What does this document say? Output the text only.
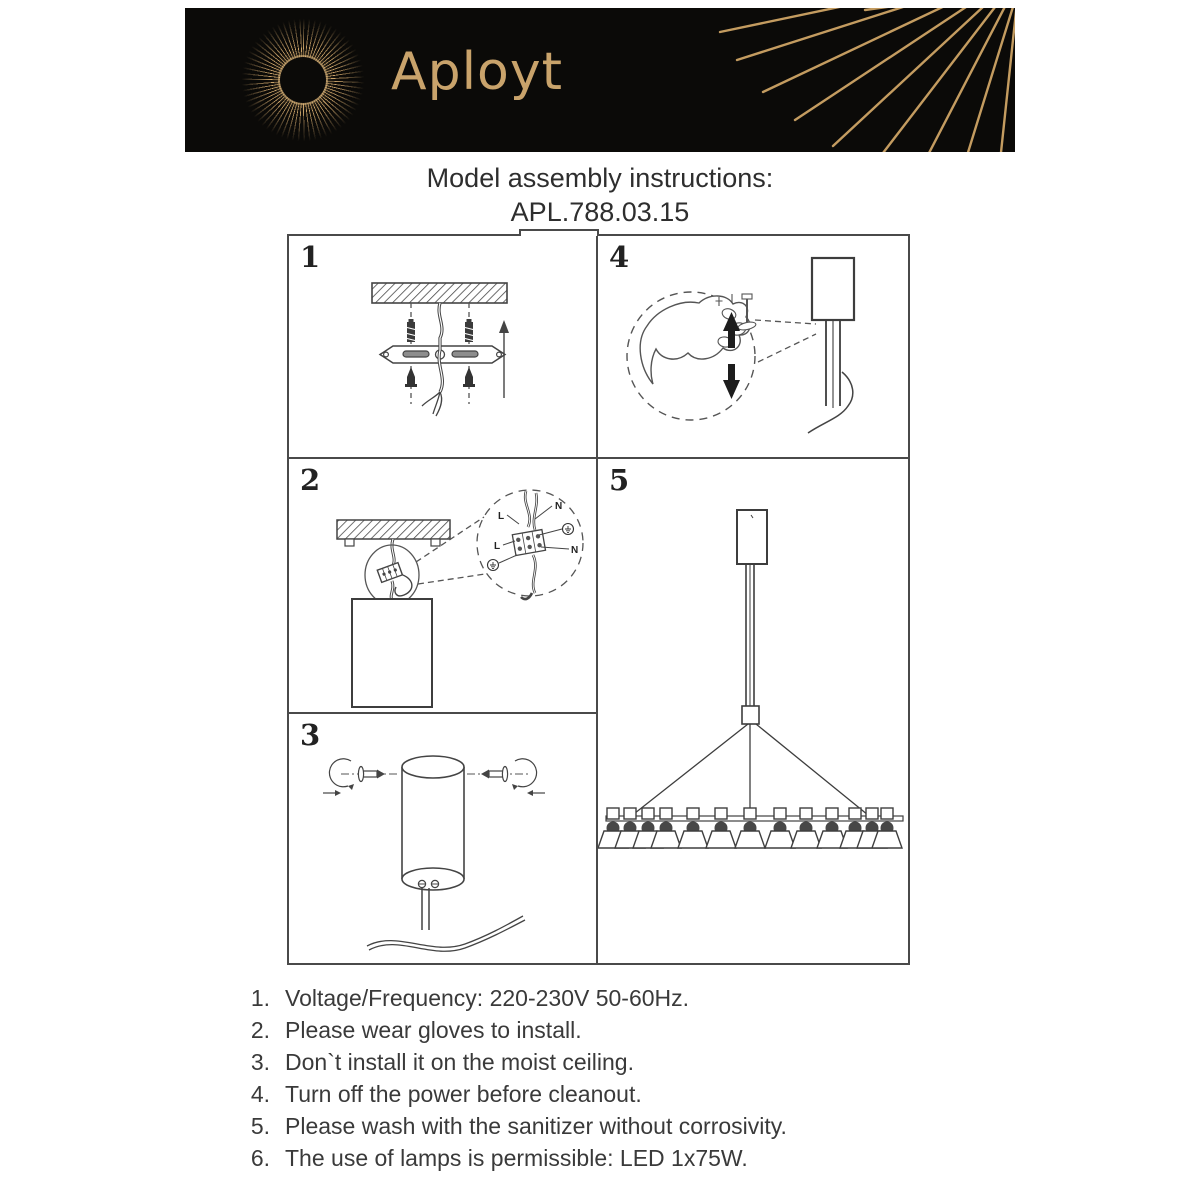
Aployt
Model assembly instructions:
APL.788.03.15
1
2
N
L
L	N
3
4
5
1. Voltage/Frequency: 220-230V 50-60Hz.
2. Please wear gloves to install.
3. Don`t install it on the moist ceiling.
4. Turn off the power before cleanout.
5. Please wash with the sanitizer without corrosivity.
6. The use of lamps is permissible: LED 1x75W.
